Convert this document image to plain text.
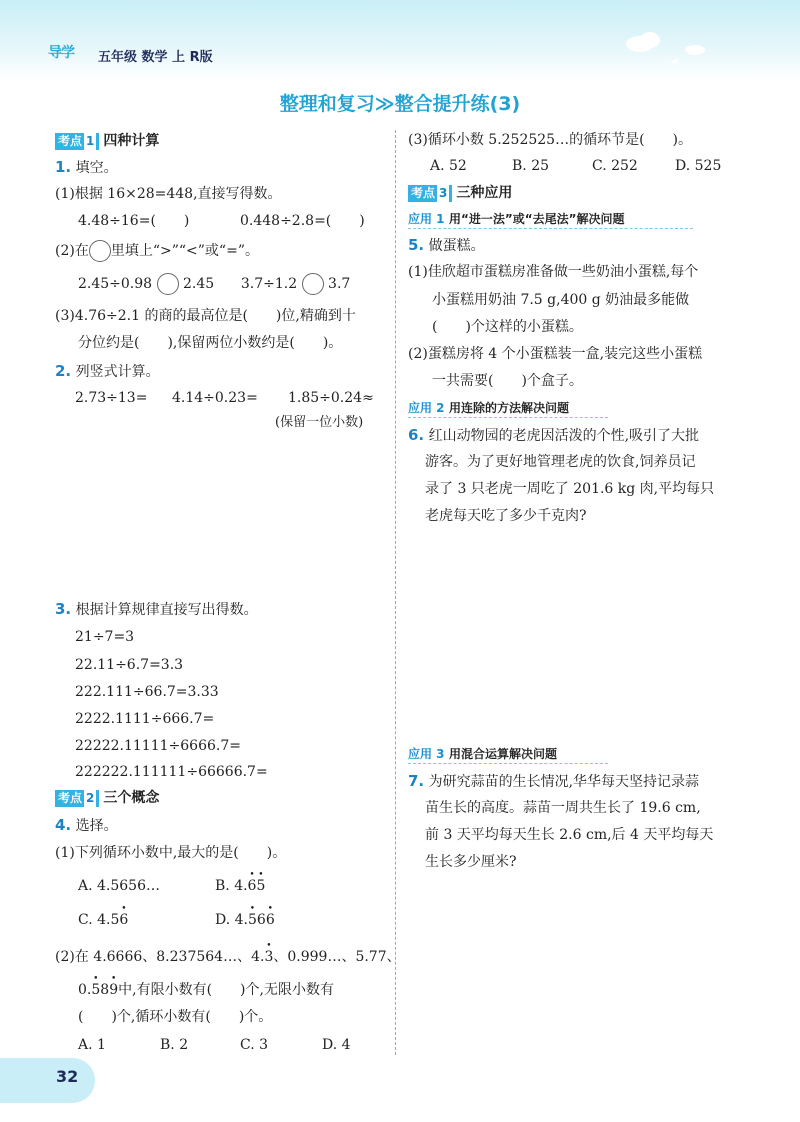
导学 五年级 数学 上 R版
整理和复习≫整合提升练(3)
考点 1 四种计算
1. 填空。
(1)根据 16×28=448,直接写得数。
4.48÷16=(　　)	0.448÷2.8=(　　)
(2)在 里填上“>”“<”或“=”。
2.45÷0.98 2.45 3.7÷1.2 3.7
(3)4.76÷2.1 的商的最高位是(　　)位,精确到十
分位约是(　　),保留两位小数约是(　　)。
2. 列竖式计算。
2.73÷13= 4.14÷0.23= 1.85÷0.24≈
(保留一位小数)
3. 根据计算规律直接写出得数。
21÷7=3
22.11÷6.7=3.3
222.111÷66.7=3.33
2222.1111÷666.7=
22222.11111÷6666.7=
222222.111111÷66666.7=
考点 2 三个概念
4. 选择。
(1)下列循环小数中,最大的是(　　)。
A. 4.5656…	B. 4.• 6• 5
C. 4.5• 6	D. 4.• 56• 6
(2)在 4.6666、8.237564…、4.• 3、0.999…、5.77、
0.• 58• 9中,有限小数有(　　)个,无限小数有
(　　)个,循环小数有(　　)个。
A. 1	B. 2	C. 3	D. 4
(3)循环小数 5.252525…的循环节是(　　)。
A. 52	B. 25	C. 252	D. 525
考点 3 三种应用
应用 1 用“进一法”或“去尾法”解决问题
5. 做蛋糕。
(1)佳欣超市蛋糕房准备做一些奶油小蛋糕,每个
小蛋糕用奶油 7.5 g,400 g 奶油最多能做
(　　)个这样的小蛋糕。
(2)蛋糕房将 4 个小蛋糕装一盒,装完这些小蛋糕
一共需要(　　)个盒子。
应用 2 用连除的方法解决问题
6. 红山动物园的老虎因活泼的个性,吸引了大批
游客。为了更好地管理老虎的饮食,饲养员记
录了 3 只老虎一周吃了 201.6 kg 肉,平均每只
老虎每天吃了多少千克肉?
应用 3 用混合运算解决问题
7. 为研究蒜苗的生长情况,华华每天坚持记录蒜
苗生长的高度。蒜苗一周共生长了 19.6 cm,
前 3 天平均每天生长 2.6 cm,后 4 天平均每天
生长多少厘米?
32
